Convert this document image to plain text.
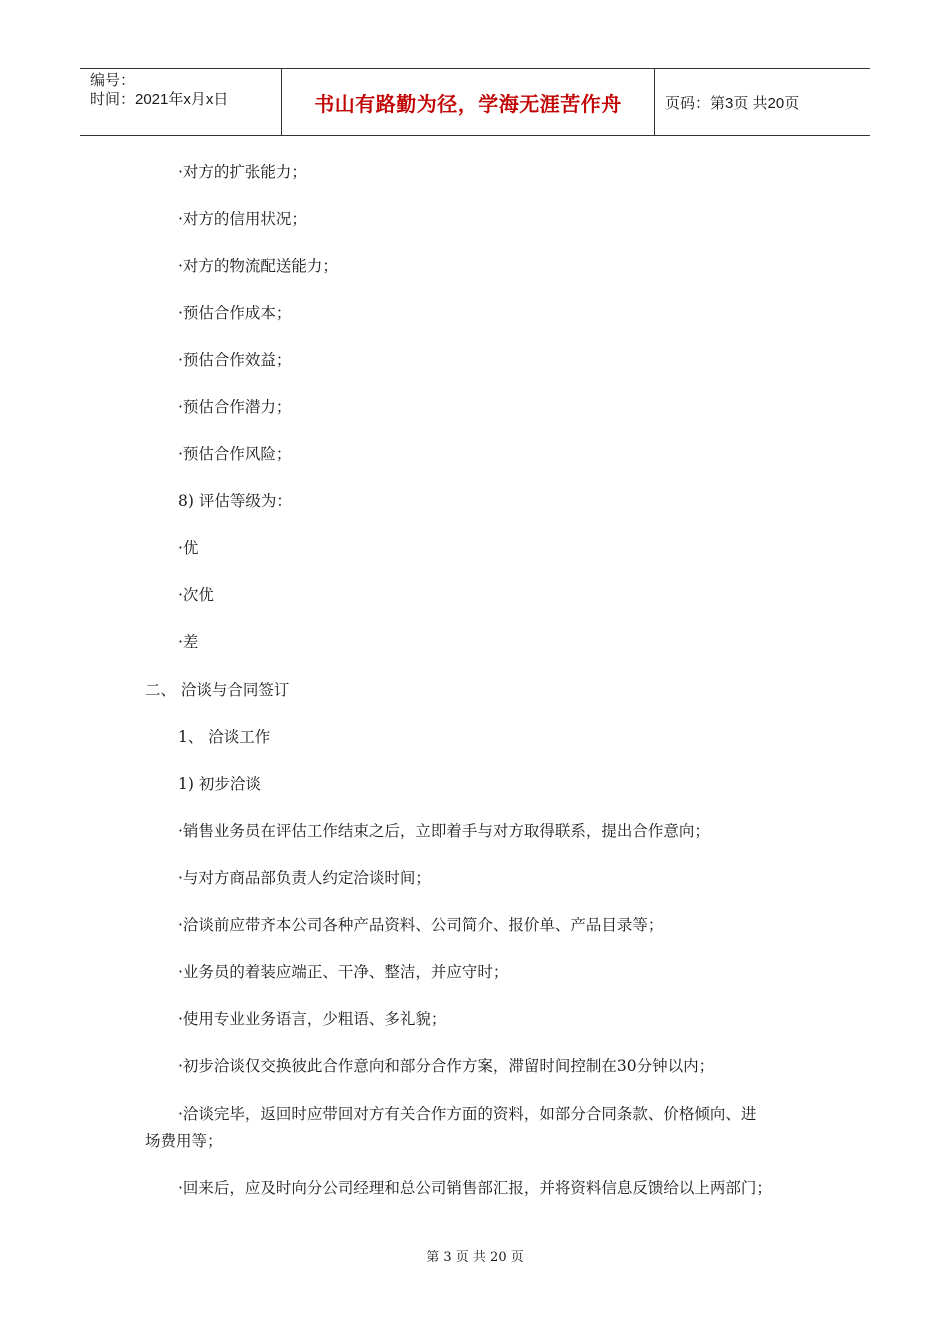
编号：
时间：2021年x月x日	书山有路勤为径，学海无涯苦作舟	页码：第3页 共20页
·对方的扩张能力；
·对方的信用状况；
·对方的物流配送能力；
·预估合作成本；
·预估合作效益；
·预估合作潜力；
·预估合作风险；
8) 评估等级为：
·优
·次优
·差
二、 洽谈与合同签订
1、 洽谈工作
1) 初步洽谈
·销售业务员在评估工作结束之后，立即着手与对方取得联系，提出合作意向；
·与对方商品部负责人约定洽谈时间；
·洽谈前应带齐本公司各种产品资料、公司简介、报价单、产品目录等；
·业务员的着装应端正、干净、整洁，并应守时；
·使用专业业务语言，少粗语、多礼貌；
·初步洽谈仅交换彼此合作意向和部分合作方案，滞留时间控制在30分钟以内；
·洽谈完毕，返回时应带回对方有关合作方面的资料，如部分合同条款、价格倾向、进
场费用等；
·回来后，应及时向分公司经理和总公司销售部汇报，并将资料信息反馈给以上两部门；
第 3 页 共 20 页
